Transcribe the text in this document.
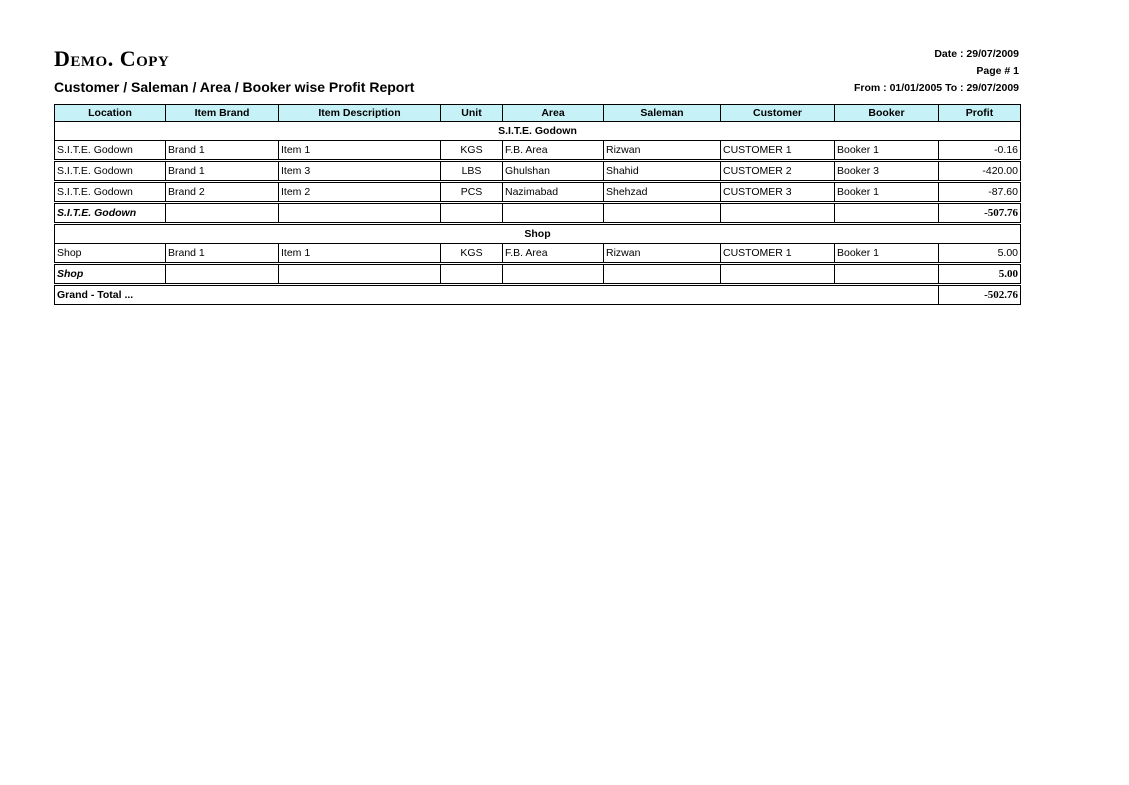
Demo. Copy
Customer / Saleman / Area / Booker wise Profit Report
Date : 29/07/2009
Page # 1
From : 01/01/2005 To : 29/07/2009
Location	Item Brand	Item Description	Unit	Area	Saleman	Customer	Booker	Profit
S.I.T.E. Godown								
S.I.T.E. Godown	Brand 1	Item 1	KGS	F.B. Area	Rizwan	CUSTOMER 1	Booker 1	-0.16
S.I.T.E. Godown	Brand 1	Item 3	LBS	Ghulshan	Shahid	CUSTOMER 2	Booker 3	-420.00
S.I.T.E. Godown	Brand 2	Item 2	PCS	Nazimabad	Shehzad	CUSTOMER 3	Booker 1	-87.60
S.I.T.E. Godown								-507.76
Shop								
Shop	Brand 1	Item 1	KGS	F.B. Area	Rizwan	CUSTOMER 1	Booker 1	5.00
Shop								5.00
Grand - Total ...								-502.76
